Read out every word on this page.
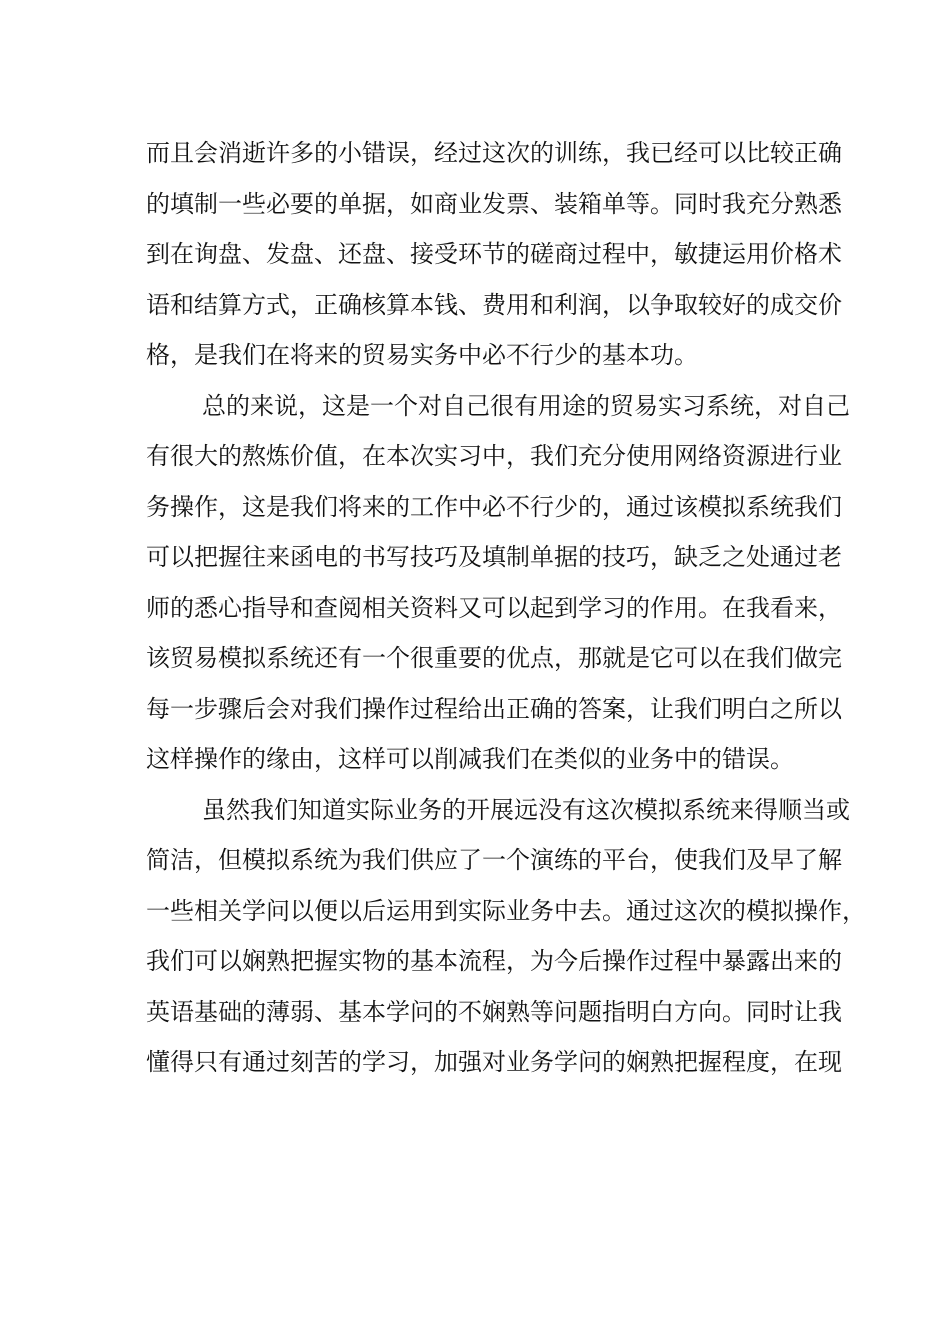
而且会消逝许多的小错误，经过这次的训练，我已经可以比较正确
的填制一些必要的单据，如商业发票、装箱单等。同时我充分熟悉
到在询盘、发盘、还盘、接受环节的磋商过程中，敏捷运用价格术
语和结算方式，正确核算本钱、费用和利润，以争取较好的成交价
格，是我们在将来的贸易实务中必不行少的基本功。
总的来说，这是一个对自己很有用途的贸易实习系统，对自己
有很大的熬炼价值，在本次实习中，我们充分使用网络资源进行业
务操作，这是我们将来的工作中必不行少的，通过该模拟系统我们
可以把握往来函电的书写技巧及填制单据的技巧，缺乏之处通过老
师的悉心指导和查阅相关资料又可以起到学习的作用。在我看来，
该贸易模拟系统还有一个很重要的优点，那就是它可以在我们做完
每一步骤后会对我们操作过程给出正确的答案，让我们明白之所以
这样操作的缘由，这样可以削减我们在类似的业务中的错误。
虽然我们知道实际业务的开展远没有这次模拟系统来得顺当或
简洁，但模拟系统为我们供应了一个演练的平台，使我们及早了解
一些相关学问以便以后运用到实际业务中去。通过这次的模拟操作，
我们可以娴熟把握实物的基本流程，为今后操作过程中暴露出来的
英语基础的薄弱、基本学问的不娴熟等问题指明白方向。同时让我
懂得只有通过刻苦的学习，加强对业务学问的娴熟把握程度，在现
